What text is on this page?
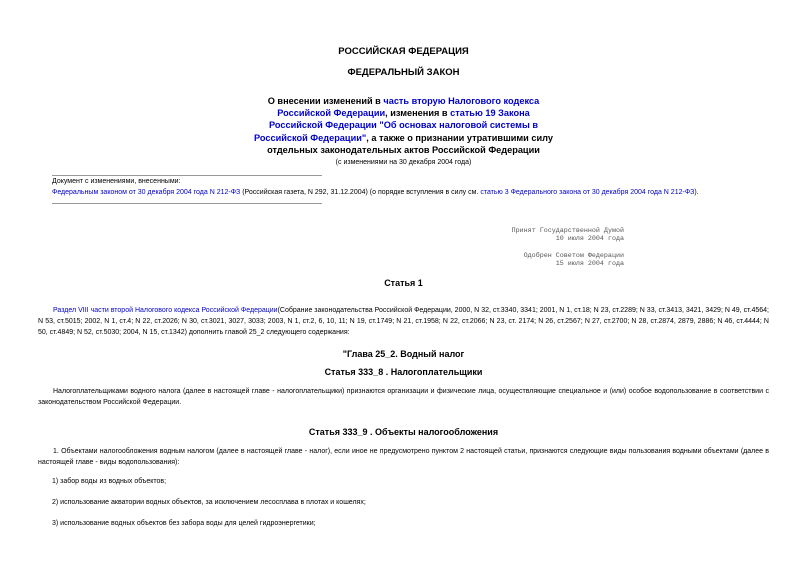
РОССИЙСКАЯ ФЕДЕРАЦИЯ
ФЕДЕРАЛЬНЫЙ ЗАКОН
О внесении изменений в часть вторую Налогового кодекса
Российской Федерации, изменения в статью 19 Закона
Российской Федерации "Об основах налоговой системы в
Российской Федерации", а также о признании утратившими силу
отдельных законодательных актов Российской Федерации
(с изменениями на 30 декабря 2004 года)
Документ с изменениями, внесенными:
Федеральным законом от 30 декабря 2004 года N 212-ФЗ (Российская газета, N 292, 31.12.2004) (о порядке вступления в силу см. статью 3 Федерального закона от 30 декабря 2004 года N 212-ФЗ).
Принят Государственной Думой
10 июля 2004 года
Одобрен Советом Федерации
15 июля 2004 года
Статья 1
Раздел VIII части второй Налогового кодекса Российской Федерации(Собрание законодательства Российской Федерации, 2000, N 32, ст.3340, 3341; 2001, N 1, ст.18; N 23, ст.2289; N 33, ст.3413, 3421, 3429; N 49, ст.4564; N 53, ст.5015; 2002, N 1, ст.4; N 22, ст.2026; N 30, ст.3021, 3027, 3033; 2003, N 1, ст.2, 6, 10, 11; N 19, ст.1749; N 21, ст.1958; N 22, ст.2066; N 23, ст. 2174; N 26, ст.2567; N 27, ст.2700; N 28, ст.2874, 2879, 2886; N 46, ст.4444; N 50, ст.4849; N 52, ст.5030; 2004, N 15, ст.1342) дополнить главой 25_2 следующего содержания:
"Глава 25_2. Водный налог
Статья 333_8 . Налогоплательщики
Налогоплательщиками водного налога (далее в настоящей главе - налогоплательщики) признаются организации и физические лица, осуществляющие специальное и (или) особое водопользование в соответствии с законодательством Российской Федерации.
Статья 333_9 . Объекты налогообложения
1. Объектами налогообложения водным налогом (далее в настоящей главе - налог), если иное не предусмотрено пунктом 2 настоящей статьи, признаются следующие виды пользования водными объектами (далее в настоящей главе - виды водопользования):
1) забор воды из водных объектов;
2) использование акватории водных объектов, за исключением лесосплава в плотах и кошелях;
3) использование водных объектов без забора воды для целей гидроэнергетики;
